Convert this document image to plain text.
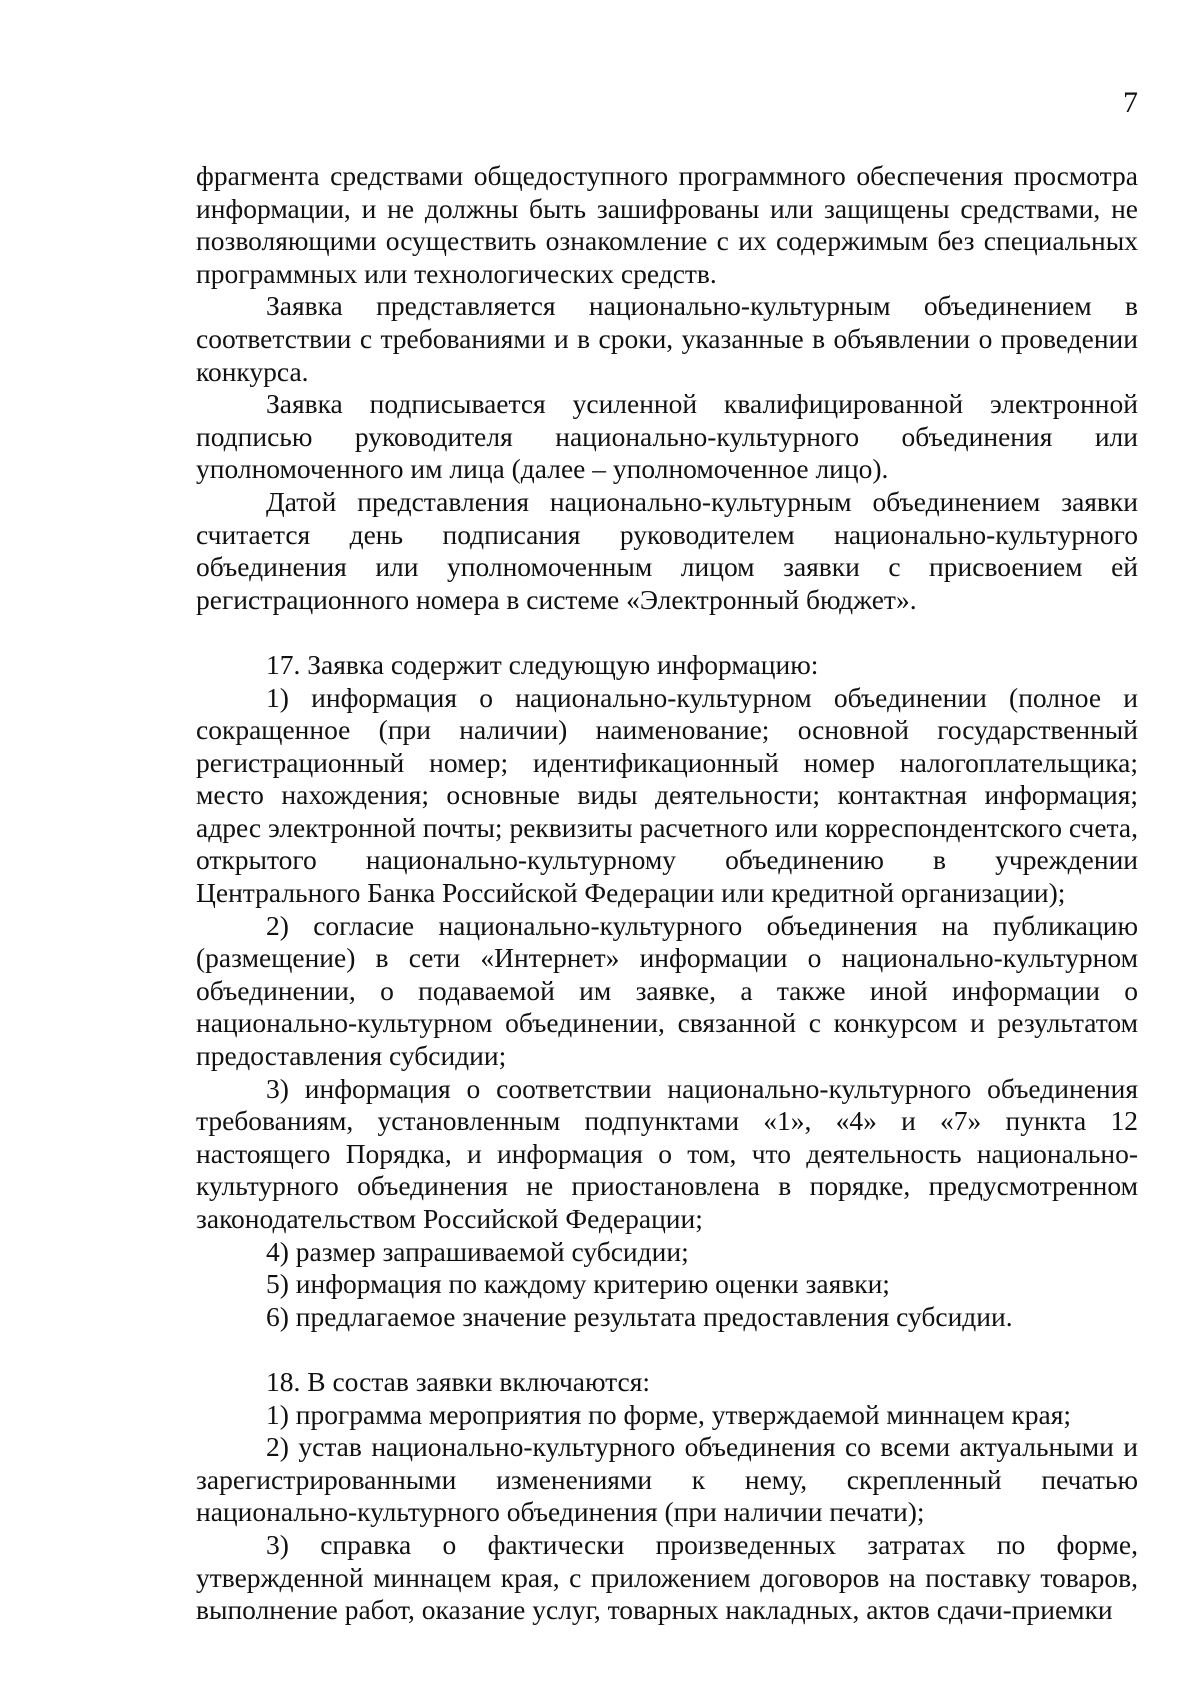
7

фрагмента средствами общедоступного программного обеспечения просмотра информации, и не должны быть зашифрованы или защищены средствами, не позволяющими осуществить ознакомление с их содержимым без специальных программных или технологических средств.

Заявка представляется национально-культурным объединением в соответствии с требованиями и в сроки, указанные в объявлении о проведении конкурса.

Заявка подписывается усиленной квалифицированной электронной подписью руководителя национально-культурного объединения или уполномоченного им лица (далее – уполномоченное лицо).

Датой представления национально-культурным объединением заявки считается день подписания руководителем национально-культурного объединения или уполномоченным лицом заявки с присвоением ей регистрационного номера в системе «Электронный бюджет».

17. Заявка содержит следующую информацию:

1) информация о национально-культурном объединении (полное и сокращенное (при наличии) наименование; основной государственный регистрационный номер; идентификационный номер налогоплательщика; место нахождения; основные виды деятельности; контактная информация; адрес электронной почты; реквизиты расчетного или корреспондентского счета, открытого национально-культурному объединению в учреждении Центрального Банка Российской Федерации или кредитной организации);

2) согласие национально-культурного объединения на публикацию (размещение) в сети «Интернет» информации о национально-культурном объединении, о подаваемой им заявке, а также иной информации о национально-культурном объединении, связанной с конкурсом и результатом предоставления субсидии;

3) информация о соответствии национально-культурного объединения требованиям, установленным подпунктами «1», «4» и «7» пункта 12 настоящего Порядка, и информация о том, что деятельность национально-культурного объединения не приостановлена в порядке, предусмотренном законодательством Российской Федерации;

4) размер запрашиваемой субсидии;

5) информация по каждому критерию оценки заявки;

6) предлагаемое значение результата предоставления субсидии.

18. В состав заявки включаются:

1) программа мероприятия по форме, утверждаемой миннацем края;

2) устав национально-культурного объединения со всеми актуальными и зарегистрированными изменениями к нему, скрепленный печатью национально-культурного объединения (при наличии печати);

3) справка о фактически произведенных затратах по форме, утвержденной миннацем края, с приложением договоров на поставку товаров, выполнение работ, оказание услуг, товарных накладных, актов сдачи-приемки
